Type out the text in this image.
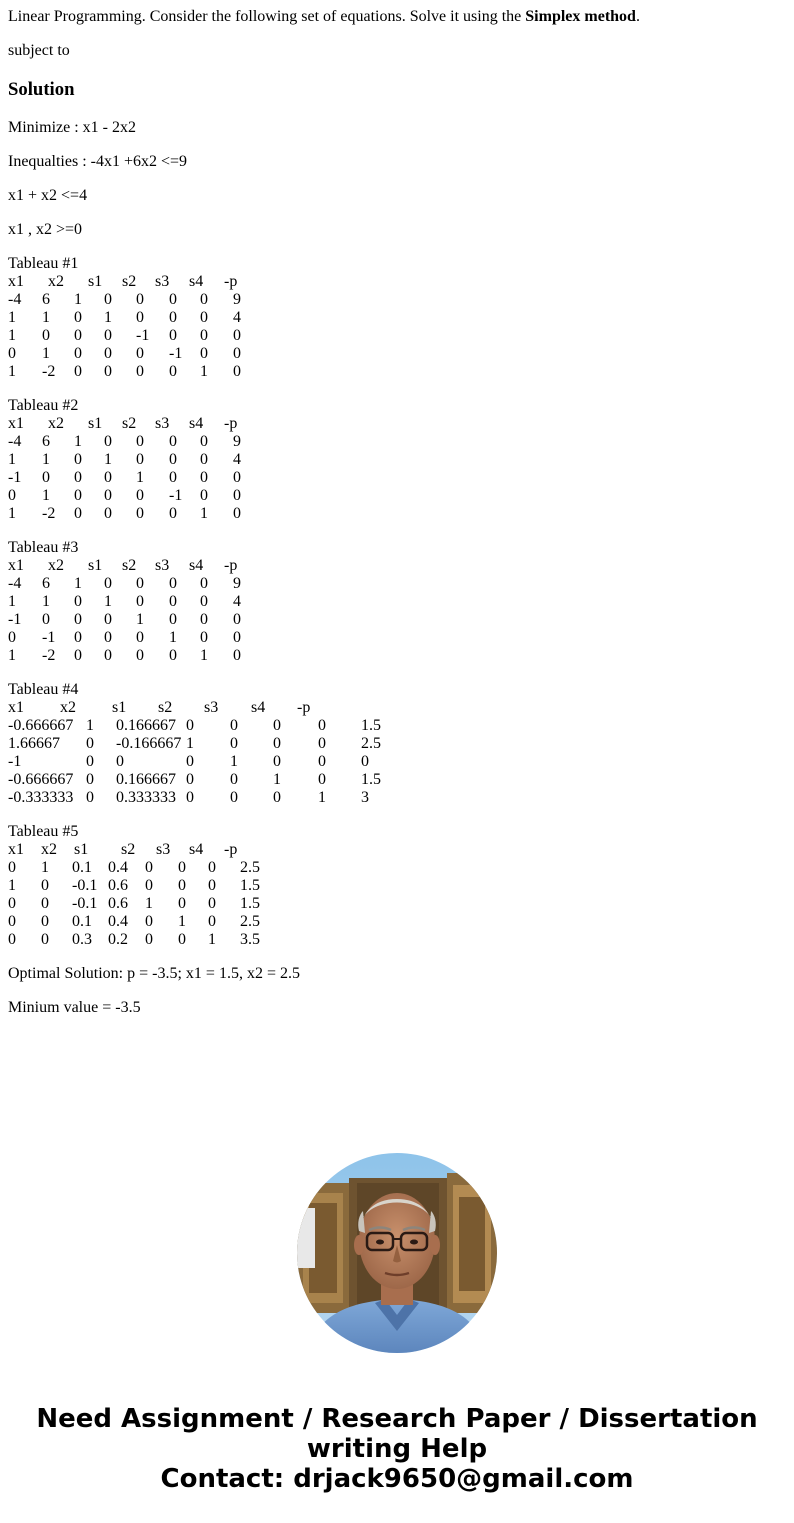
Linear Programming. Consider the following set of equations. Solve it using the Simplex method.

subject to

Solution

Minimize : x1 - 2x2

Inequalties : -4x1 +6x2 <=9

x1 + x2 <=4

x1 , x2 >=0

Tableau #1
x1 x2 s1 s2 s3 s4 -p
-4 6 1 0 0 0 0 9
1 1 0 1 0 0 0 4
1 0 0 0 -1 0 0 0
0 1 0 0 0 -1 0 0
1 -2 0 0 0 0 1 0
Tableau #2
x1 x2 s1 s2 s3 s4 -p
-4 6 1 0 0 0 0 9
1 1 0 1 0 0 0 4
-1 0 0 0 1 0 0 0
0 1 0 0 0 -1 0 0
1 -2 0 0 0 0 1 0
Tableau #3
x1 x2 s1 s2 s3 s4 -p
-4 6 1 0 0 0 0 9
1 1 0 1 0 0 0 4
-1 0 0 0 1 0 0 0
0 -1 0 0 0 1 0 0
1 -2 0 0 0 0 1 0
Tableau #4
x1 x2 s1 s2 s3 s4 -p
-0.666667 1 0.166667 0 0 0 0 1.5
1.66667 0 -0.166667 1 0 0 0 2.5
-1	0 0	0 1 0 0 0
-0.666667 0 0.166667 0 0 1 0 1.5
-0.333333 0 0.333333 0 0 0 1 3
Tableau #5
x1 x2 s1 s2 s3 s4 -p
0 1 0.1 0.4 0 0 0 2.5
1 0 -0.1 0.6 0 0 0 1.5
0 0 -0.1 0.6 1 0 0 1.5
0 0 0.1 0.4 0 1 0 2.5
0 0 0.3 0.2 0 0 1 3.5

Optimal Solution: p = -3.5; x1 = 1.5, x2 = 2.5

Minium value = -3.5

Need Assignment / Research Paper / Dissertation
writing Help
Contact: drjack9650@gmail.com
